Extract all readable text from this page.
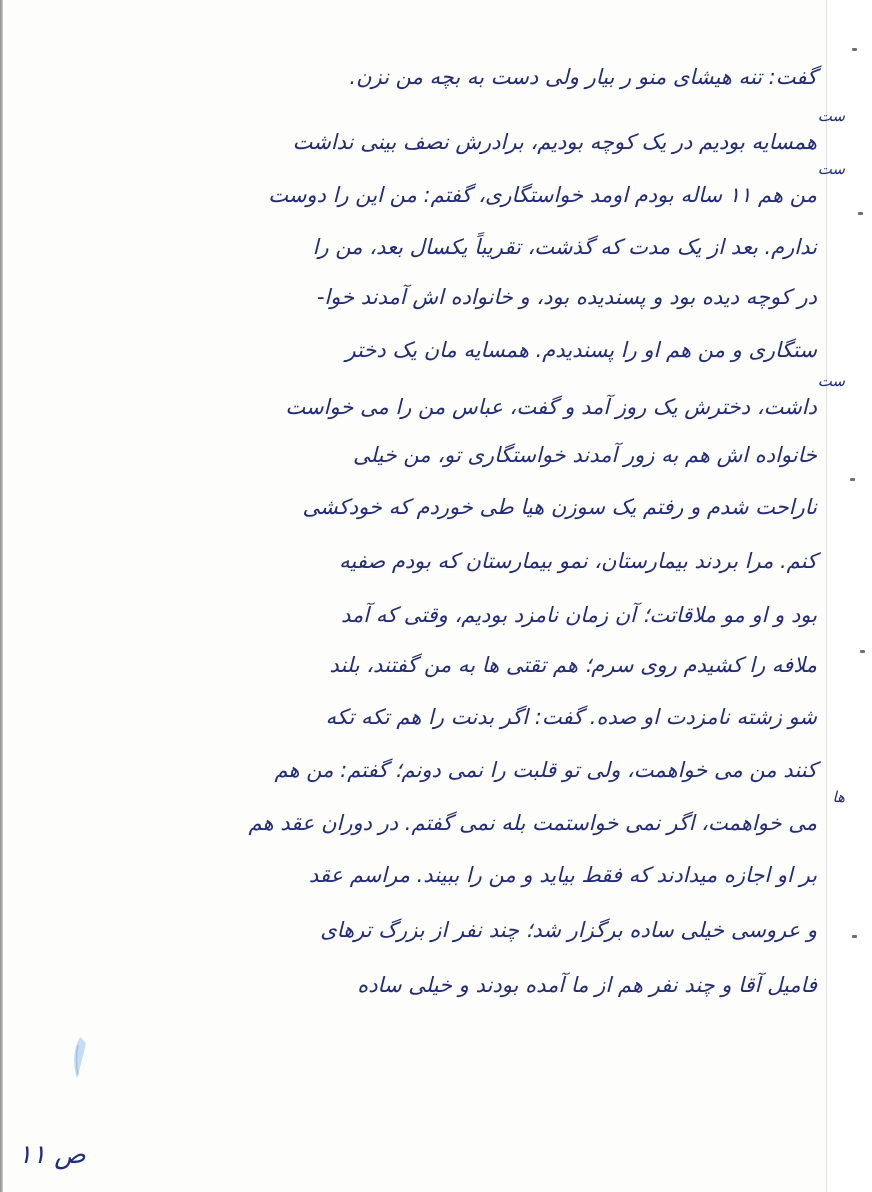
گفت: تنه هیشای منو ‌ر بیار ولی دست به بچه من نزن.
همسایه بودیم در یک کوچه بودیم، برادرش نصف بینی نداشت
ست
من هم ۱۱ ساله بودم اومد خواستگاری، گفتم: من این را دوست
ست
ندارم. بعد از یک مدت که گذشت، تقریباً یکسال بعد، من را
در کوچه دیده بود و پسندیده بود، و خانواده اش آمدند خوا-
ستگاری و من هم او را پسندیدم. همسایه مان یک دختر
داشت، دخترش یک روز آمد و گفت، عباس من را می خواست
ست
خانواده اش هم به زور آمدند خواستگاری تو، من خیلی
ناراحت شدم و رفتم یک سوزن هیا طی خوردم که خودکشی
کنم. مرا بردند بیمارستان، نمو بیمارستان که بودم صفیه
بود و او مو ملاقاتت؛ آن زمان نامزد بودیم، وقتی که آمد
ملافه را کشیدم روی سرم؛ هم تقتی ها به من گفتند، بلند
شو زشته نامزدت او صده. گفت: اگر بدنت را هم تکه تکه
کنند من می خواهمت، ولی تو قلبت را نمی دونم؛ گفتم: من هم
می خواهمت، اگر نمی خواستمت بله نمی گفتم. در دوران عقد هم
ها
بر او اجازه میدادند که فقط بیاید و من را ببیند. مراسم عقد
و عروسی خیلی ساده برگزار شد؛ چند نفر از بزرگ ترهای
فامیل آقا و چند نفر هم از ما آمده بودند و خیلی ساده
ص ۱۱
